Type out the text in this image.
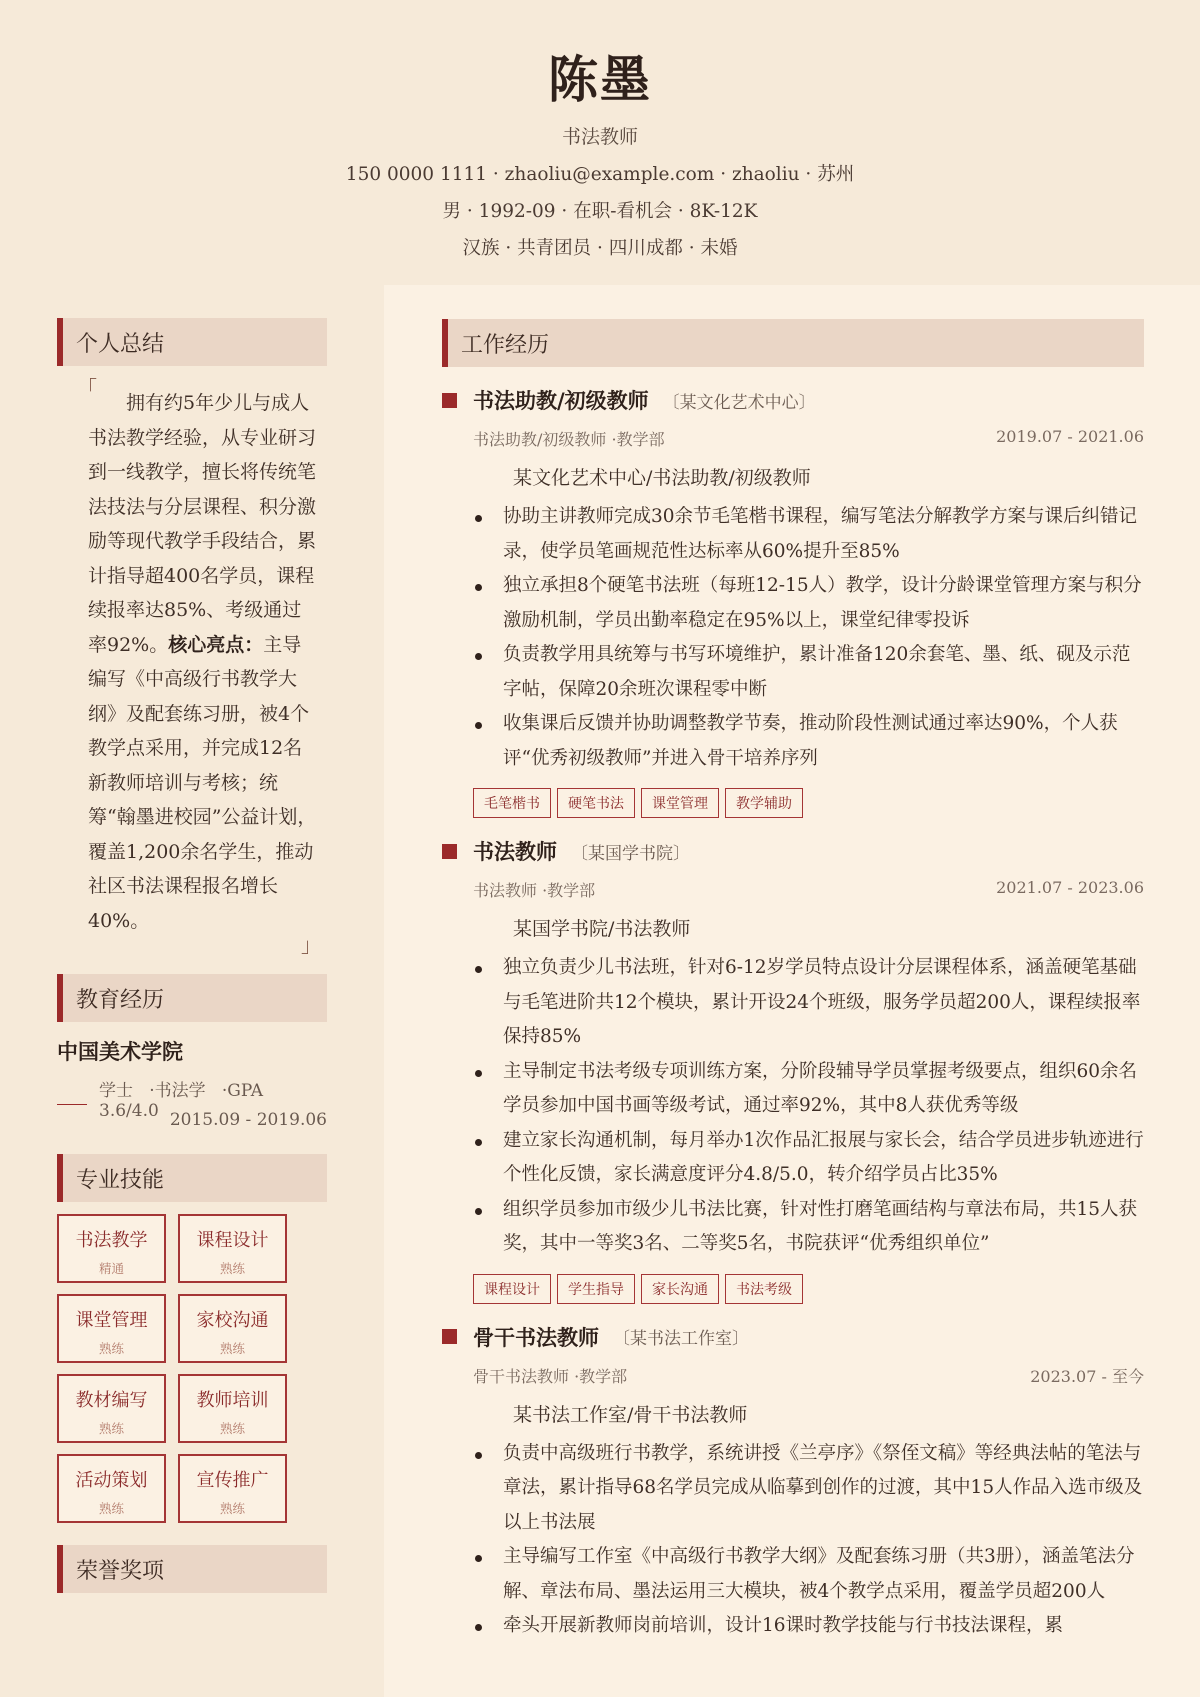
陈墨
书法教师
150 0000 1111 · zhaoliu@example.com · zhaoliu · 苏州
男 · 1992-09 · 在职-看机会 · 8K-12K
汉族 · 共青团员 · 四川成都 · 未婚
个人总结
「
拥有约5年少儿与成人书法教学经验，从专业研习到一线教学，擅长将传统笔法技法与分层课程、积分激励等现代教学手段结合，累计指导超400名学员，课程续报率达85%、考级通过率92%。核心亮点：主导编写《中高级行书教学大纲》及配套练习册，被4个教学点采用，并完成12名新教师培训与考核；统筹“翰墨进校园”公益计划，覆盖1,200余名学生，推动社区书法课程报名增长40%。
」
教育经历
中国美术学院
学士 ·书法学 ·GPA 3.6/4.0 2015.09 - 2019.06
专业技能
书法教学
精通
课程设计
熟练
课堂管理
熟练
家校沟通
熟练
教材编写
熟练
教师培训
熟练
活动策划
熟练
宣传推广
熟练
荣誉奖项
工作经历
书法助教/初级教师 〔某文化艺术中心〕
书法助教/初级教师 ·教学部	2019.07 - 2021.06
某文化艺术中心/书法助教/初级教师
协助主讲教师完成30余节毛笔楷书课程，编写笔法分解教学方案与课后纠错记录，使学员笔画规范性达标率从60%提升至85%
独立承担8个硬笔书法班（每班12-15人）教学，设计分龄课堂管理方案与积分激励机制，学员出勤率稳定在95%以上，课堂纪律零投诉
负责教学用具统筹与书写环境维护，累计准备120余套笔、墨、纸、砚及示范字帖，保障20余班次课程零中断
收集课后反馈并协助调整教学节奏，推动阶段性测试通过率达90%，个人获评“优秀初级教师”并进入骨干培养序列
毛笔楷书	硬笔书法	课堂管理	教学辅助
书法教师 〔某国学书院〕
书法教师 ·教学部	2021.07 - 2023.06
某国学书院/书法教师
独立负责少儿书法班，针对6-12岁学员特点设计分层课程体系，涵盖硬笔基础与毛笔进阶共12个模块，累计开设24个班级，服务学员超200人，课程续报率保持85%
主导制定书法考级专项训练方案，分阶段辅导学员掌握考级要点，组织60余名学员参加中国书画等级考试，通过率92%，其中8人获优秀等级
建立家长沟通机制，每月举办1次作品汇报展与家长会，结合学员进步轨迹进行个性化反馈，家长满意度评分4.8/5.0，转介绍学员占比35%
组织学员参加市级少儿书法比赛，针对性打磨笔画结构与章法布局，共15人获奖，其中一等奖3名、二等奖5名，书院获评“优秀组织单位”
课程设计	学生指导	家长沟通	书法考级
骨干书法教师 〔某书法工作室〕
骨干书法教师 ·教学部	2023.07 - 至今
某书法工作室/骨干书法教师
负责中高级班行书教学，系统讲授《兰亭序》《祭侄文稿》等经典法帖的笔法与章法，累计指导68名学员完成从临摹到创作的过渡，其中15人作品入选市级及以上书法展
主导编写工作室《中高级行书教学大纲》及配套练习册（共3册），涵盖笔法分解、章法布局、墨法运用三大模块，被4个教学点采用，覆盖学员超200人
牵头开展新教师岗前培训，设计16课时教学技能与行书技法课程，累
